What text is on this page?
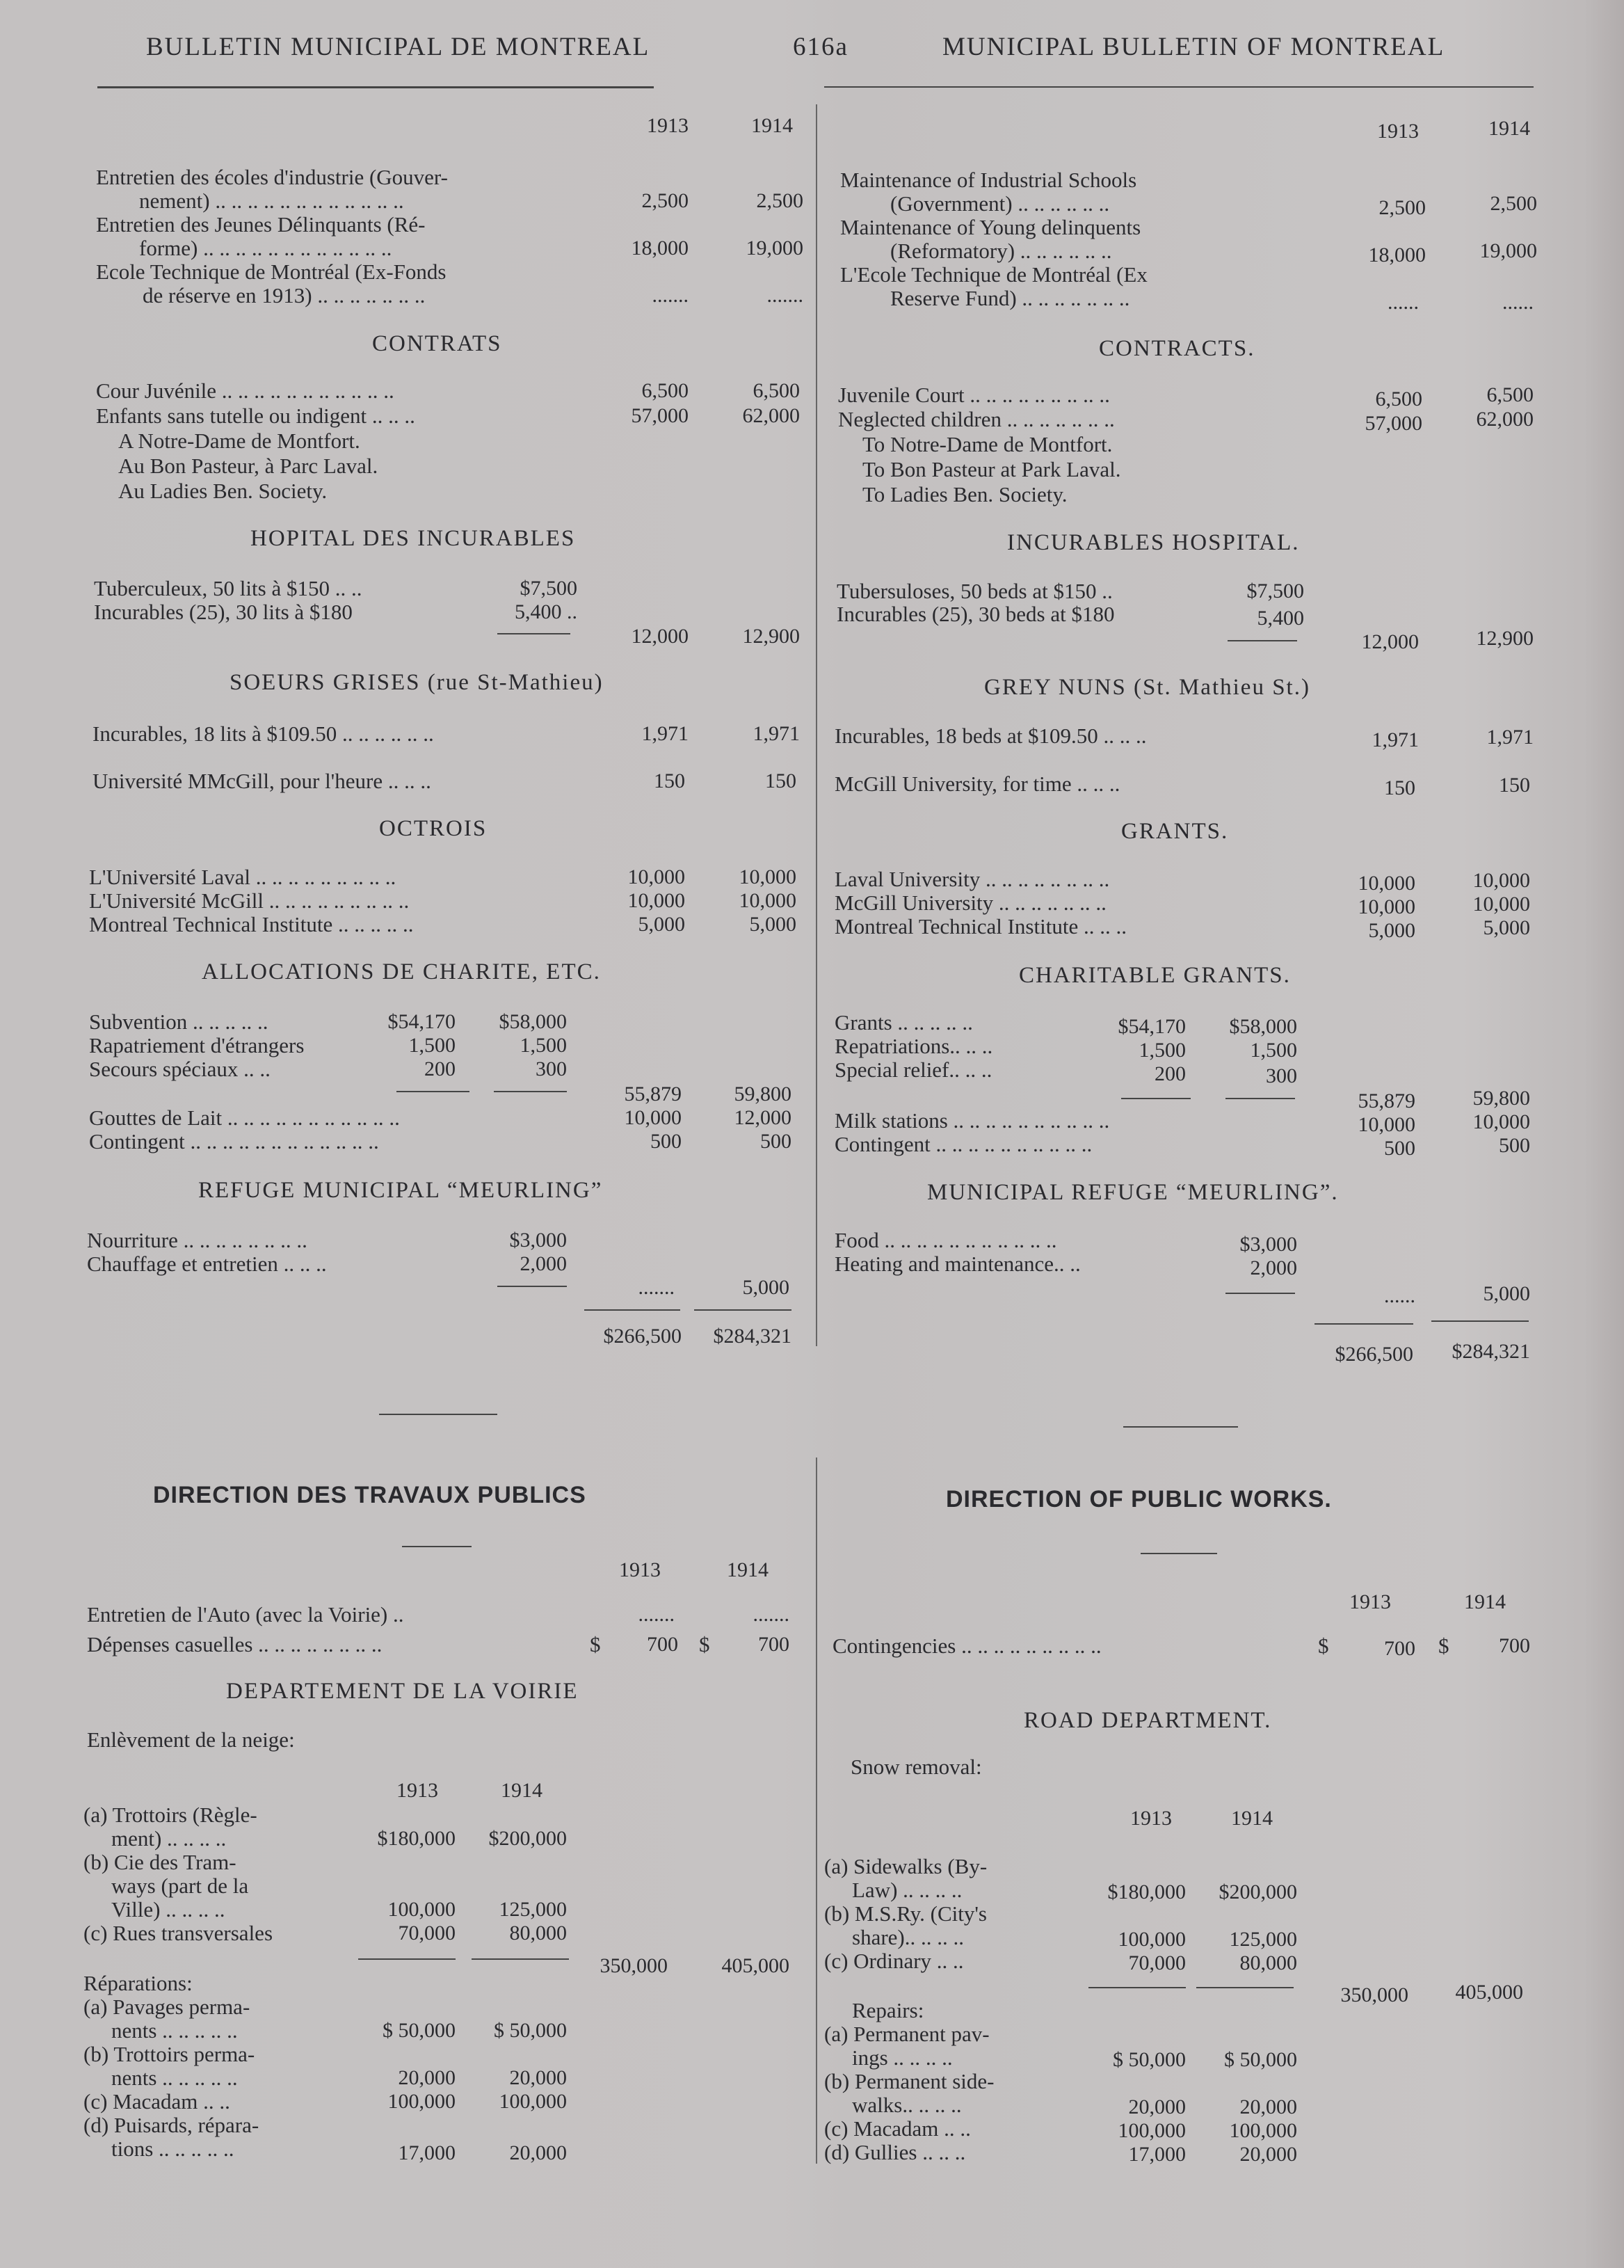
BULLETIN MUNICIPAL DE MONTREAL	616a	MUNICIPAL BULLETIN OF MONTREAL
1913	1914
Entretien des écoles d'industrie (Gouver-
nement) .. .. .. .. .. .. .. .. .. .. .. ..	2,500	2,500
Entretien des Jeunes Délinquants (Ré-
forme) .. .. .. .. .. .. .. .. .. .. .. ..	18,000	19,000
Ecole Technique de Montréal (Ex-Fonds
de réserve en 1913) .. .. .. .. .. .. ..	.......	.......
CONTRATS
Cour Juvénile .. .. .. .. .. .. .. .. .. .. ..	6,500	6,500
Enfants sans tutelle ou indigent .. .. ..	57,000	62,000
A Notre-Dame de Montfort.
Au Bon Pasteur, à Parc Laval.
Au Ladies Ben. Society.
HOPITAL DES INCURABLES
Tuberculeux, 50 lits à $150 .. ..	$7,500
Incurables (25), 30 lits à $180	5,400 ..
12,000	12,900
SOEURS GRISES (rue St-Mathieu)
Incurables, 18 lits à $109.50 .. .. .. .. .. ..	1,971	1,971
Université MMcGill, pour l'heure .. .. ..	150	150
OCTROIS
L'Université Laval .. .. .. .. .. .. .. .. ..	10,000	10,000
L'Université McGill .. .. .. .. .. .. .. .. ..	10,000	10,000
Montreal Technical Institute .. .. .. .. ..	5,000	5,000
ALLOCATIONS DE CHARITE, ETC.
Subvention .. .. .. .. ..	$54,170	$58,000
Rapatriement d'étrangers	1,500	1,500
Secours spéciaux .. ..	200	300
55,879	59,800
Gouttes de Lait .. .. .. .. .. .. .. .. .. .. ..	10,000	12,000
Contingent .. .. .. .. .. .. .. .. .. .. .. ..	500	500
REFUGE MUNICIPAL “MEURLING”
Nourriture .. .. .. .. .. .. .. ..	$3,000
Chauffage et entretien .. .. ..	2,000
.......	5,000
$266,500	$284,321
DIRECTION DES TRAVAUX PUBLICS
1913	1914
Entretien de l'Auto (avec la Voirie) ..	.......	.......
Dépenses casuelles .. .. .. .. .. .. .. ..	$	700 $	700
DEPARTEMENT DE LA VOIRIE
Enlèvement de la neige:
1913	1914
(a) Trottoirs (Règle-
ment) .. .. .. ..	$180,000	$200,000
(b) Cie des Tram-
ways (part de la
Ville) .. .. .. ..	100,000	125,000
(c) Rues transversales	70,000	80,000
350,000	405,000
Réparations:
(a) Pavages perma-
nents .. .. .. .. ..	$ 50,000	$ 50,000
(b) Trottoirs perma-
nents .. .. .. .. ..	20,000	20,000
(c) Macadam .. ..	100,000	100,000
(d) Puisards, répara-
tions .. .. .. .. ..	17,000	20,000
1913	1914
Maintenance of Industrial Schools
(Government) .. .. .. .. .. ..	2,500	2,500
Maintenance of Young delinquents
(Reformatory) .. .. .. .. .. ..	18,000	19,000
L'Ecole Technique de Montréal (Ex
Reserve Fund) .. .. .. .. .. .. ..	......	......
CONTRACTS.
Juvenile Court .. .. .. .. .. .. .. .. ..	6,500	6,500
Neglected children .. .. .. .. .. .. ..	57,000	62,000
To Notre-Dame de Montfort.
To Bon Pasteur at Park Laval.
To Ladies Ben. Society.
INCURABLES HOSPITAL.
Tubersuloses, 50 beds at $150 ..	$7,500
Incurables (25), 30 beds at $180	5,400
12,000	12,900
GREY NUNS (St. Mathieu St.)
Incurables, 18 beds at $109.50 .. .. ..	1,971	1,971
McGill University, for time .. .. ..	150	150
GRANTS.
Laval University .. .. .. .. .. .. .. ..	10,000	10,000
McGill University .. .. .. .. .. .. ..	10,000	10,000
Montreal Technical Institute .. .. ..	5,000	5,000
CHARITABLE GRANTS.
Grants .. .. .. .. ..	$54,170	$58,000
Repatriations.. .. ..	1,500	1,500
Special relief.. .. ..	200	300
55,879	59,800
Milk stations .. .. .. .. .. .. .. .. .. ..	10,000	10,000
Contingent .. .. .. .. .. .. .. .. .. ..	500	500
MUNICIPAL REFUGE “MEURLING”.
Food .. .. .. .. .. .. .. .. .. .. ..	$3,000
Heating and maintenance.. ..	2,000
......	5,000
$266,500	$284,321
DIRECTION OF PUBLIC WORKS.
1913	1914
Contingencies .. .. .. .. .. .. .. .. ..	$	700 $	700
ROAD DEPARTMENT.
Snow removal:
1913	1914
(a) Sidewalks (By-
Law) .. .. .. ..	$180,000	$200,000
(b) M.S.Ry. (City's
share).. .. .. ..	100,000	125,000
(c) Ordinary .. ..	70,000	80,000
350,000	405,000
Repairs:
(a) Permanent pav-
ings .. .. .. ..	$ 50,000	$ 50,000
(b) Permanent side-
walks.. .. .. ..	20,000	20,000
(c) Macadam .. ..	100,000	100,000
(d) Gullies .. .. ..	17,000	20,000
